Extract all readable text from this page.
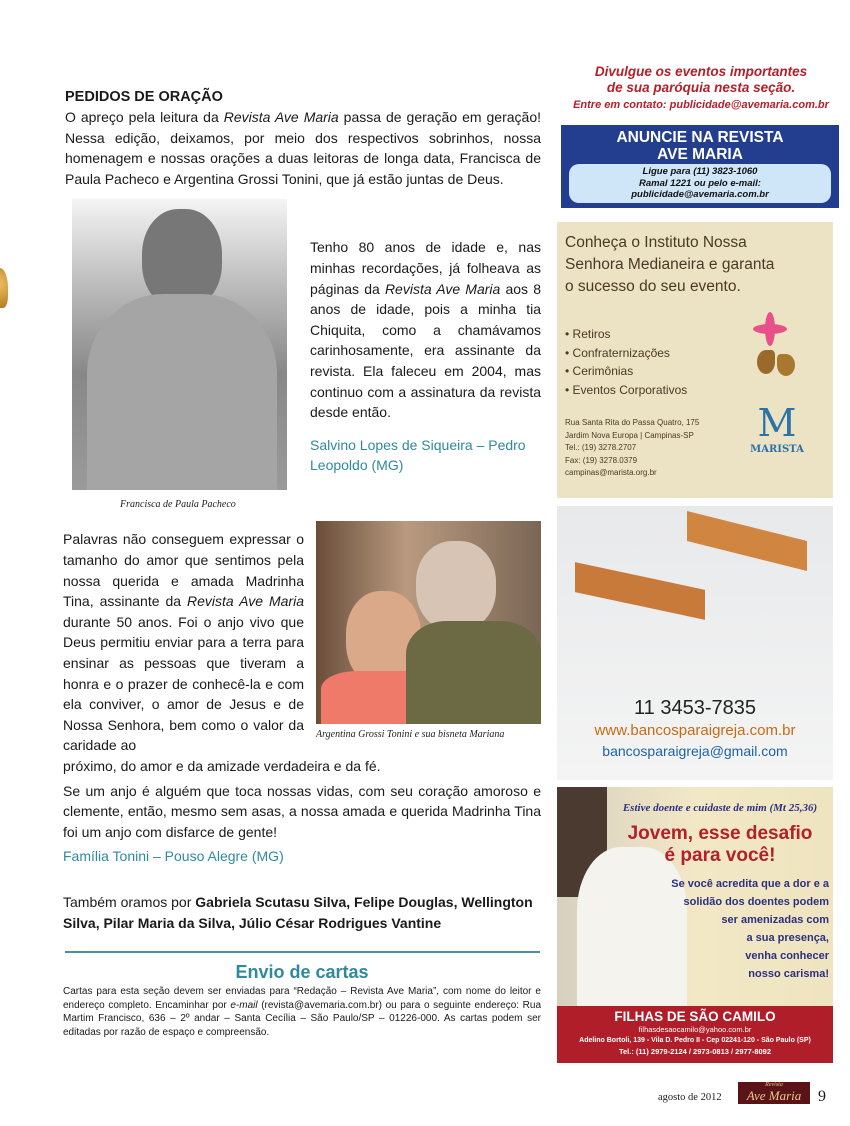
PEDIDOS DE ORAÇÃO

O apreço pela leitura da Revista Ave Maria passa de geração em geração! Nessa edição, deixamos, por meio dos respectivos sobrinhos, nossa homenagem e nossas orações a duas leitoras de longa data, Francisca de Paula Pacheco e Argentina Grossi Tonini, que já estão juntas de Deus.

Francisca de Paula Pacheco

Tenho 80 anos de idade e, nas minhas recordações, já folheava as páginas da Revista Ave Maria aos 8 anos de idade, pois a minha tia Chiquita, como a chamávamos carinhosamente, era assinante da revista. Ela faleceu em 2004, mas continuo com a assinatura da revista desde então.

Salvino Lopes de Siqueira – Pedro Leopoldo (MG)
Argentina Grossi Tonini e sua bisneta Mariana

Palavras não conseguem expressar o tamanho do amor que sentimos pela nossa querida e amada Madrinha Tina, assinante da Revista Ave Maria durante 50 anos. Foi o anjo vivo que Deus permitiu enviar para a terra para ensinar as pessoas que tiveram a honra e o prazer de conhecê-la e com ela conviver, o amor de Jesus e de Nossa Senhora, bem como o valor da caridade ao

próximo, do amor e da amizade verdadeira e da fé.

Se um anjo é alguém que toca nossas vidas, com seu coração amoroso e clemente, então, mesmo sem asas, a nossa amada e querida Madrinha Tina foi um anjo com disfarce de gente!

Família Tonini – Pouso Alegre (MG)

Também oramos por Gabriela Scutasu Silva, Felipe Douglas, Wellington Silva, Pilar Maria da Silva, Júlio César Rodrigues Vantine

Envio de cartas

Cartas para esta seção devem ser enviadas para “Redação – Revista Ave Maria”, com nome do leitor e endereço completo. Encaminhar por e-mail (revista@avemaria.com.br) ou para o seguinte endereço: Rua Martim Francisco, 636 – 2º andar – Santa Cecília – São Paulo/SP – 01226-000. As cartas podem ser editadas por razão de espaço e compreensão.

Divulgue os eventos importantes
de sua paróquia nesta seção.
Entre em contato: publicidade@avemaria.com.br
ANUNCIE NA REVISTA
AVE MARIA
Ligue para (11) 3823-1060
Ramal 1221 ou pelo e-mail:
publicidade@avemaria.com.br
Conheça o Instituto Nossa
Senhora Medianeira e garanta
o sucesso do seu evento.
• Retiros
• Confraternizações
• Cerimônias
• Eventos Corporativos
Rua Santa Rita do Passa Quatro, 175
Jardim Nova Europa | Campinas-SP
Tel.: (19) 3278.2707
Fax: (19) 3278.0379
campinas@marista.org.br
M
MARISTA
11 3453-7835
www.bancosparaigreja.com.br
bancosparaigreja@gmail.com
Estive doente e cuidaste de mim (Mt 25,36)
Jovem, esse desafio
é para você!
Se você acredita que a dor e a
solidão dos doentes podem
ser amenizadas com
a sua presença,
venha conhecer
nosso carisma!
FILHAS DE SÃO CAMILO
filhasdesaocamilo@yahoo.com.br
Adelino Bortoli, 139 - Vila D. Pedro II - Cep 02241-120 - São Paulo (SP)
Tel.: (11) 2979-2124 / 2973-0813 / 2977-8092
agosto de 2012
Revista
Ave Maria	9
